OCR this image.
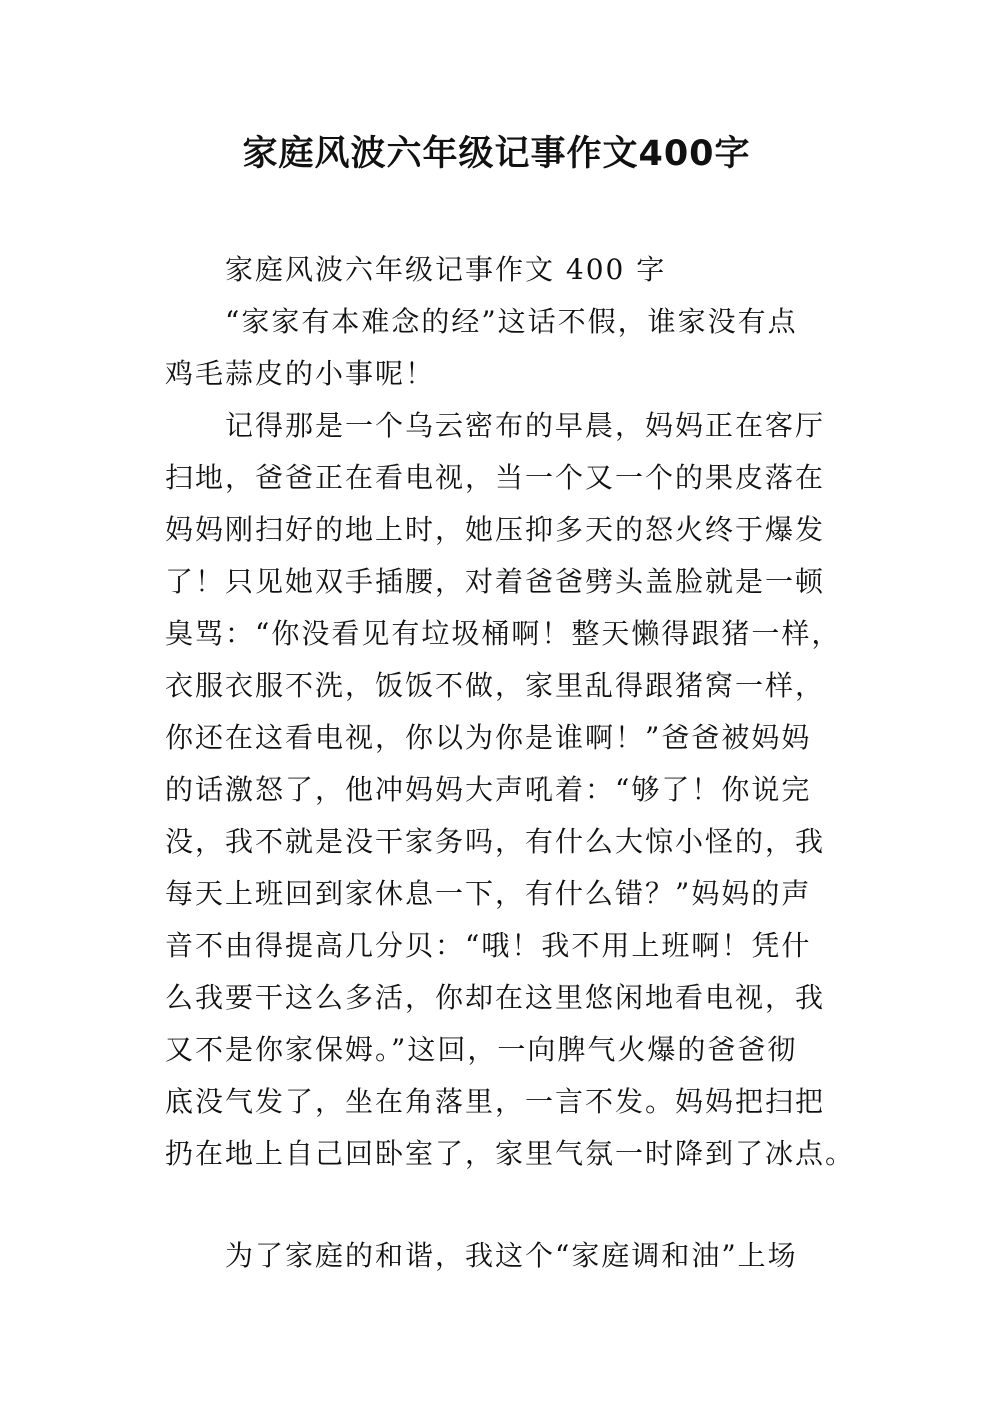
家庭风波六年级记事作文400字
家庭风波六年级记事作文 400 字
“家家有本难念的经”这话不假，谁家没有点
鸡毛蒜皮的小事呢！
记得那是一个乌云密布的早晨，妈妈正在客厅
扫地，爸爸正在看电视，当一个又一个的果皮落在
妈妈刚扫好的地上时，她压抑多天的怒火终于爆发
了！只见她双手插腰，对着爸爸劈头盖脸就是一顿
臭骂：“你没看见有垃圾桶啊！整天懒得跟猪一样，
衣服衣服不洗，饭饭不做，家里乱得跟猪窝一样，
你还在这看电视，你以为你是谁啊！”爸爸被妈妈
的话激怒了，他冲妈妈大声吼着：“够了！你说完
没，我不就是没干家务吗，有什么大惊小怪的，我
每天上班回到家休息一下，有什么错？”妈妈的声
音不由得提高几分贝：“哦！我不用上班啊！凭什
么我要干这么多活，你却在这里悠闲地看电视，我
又不是你家保姆。”这回，一向脾气火爆的爸爸彻
底没气发了，坐在角落里，一言不发。妈妈把扫把
扔在地上自己回卧室了，家里气氛一时降到了冰点。
为了家庭的和谐，我这个“家庭调和油”上场
